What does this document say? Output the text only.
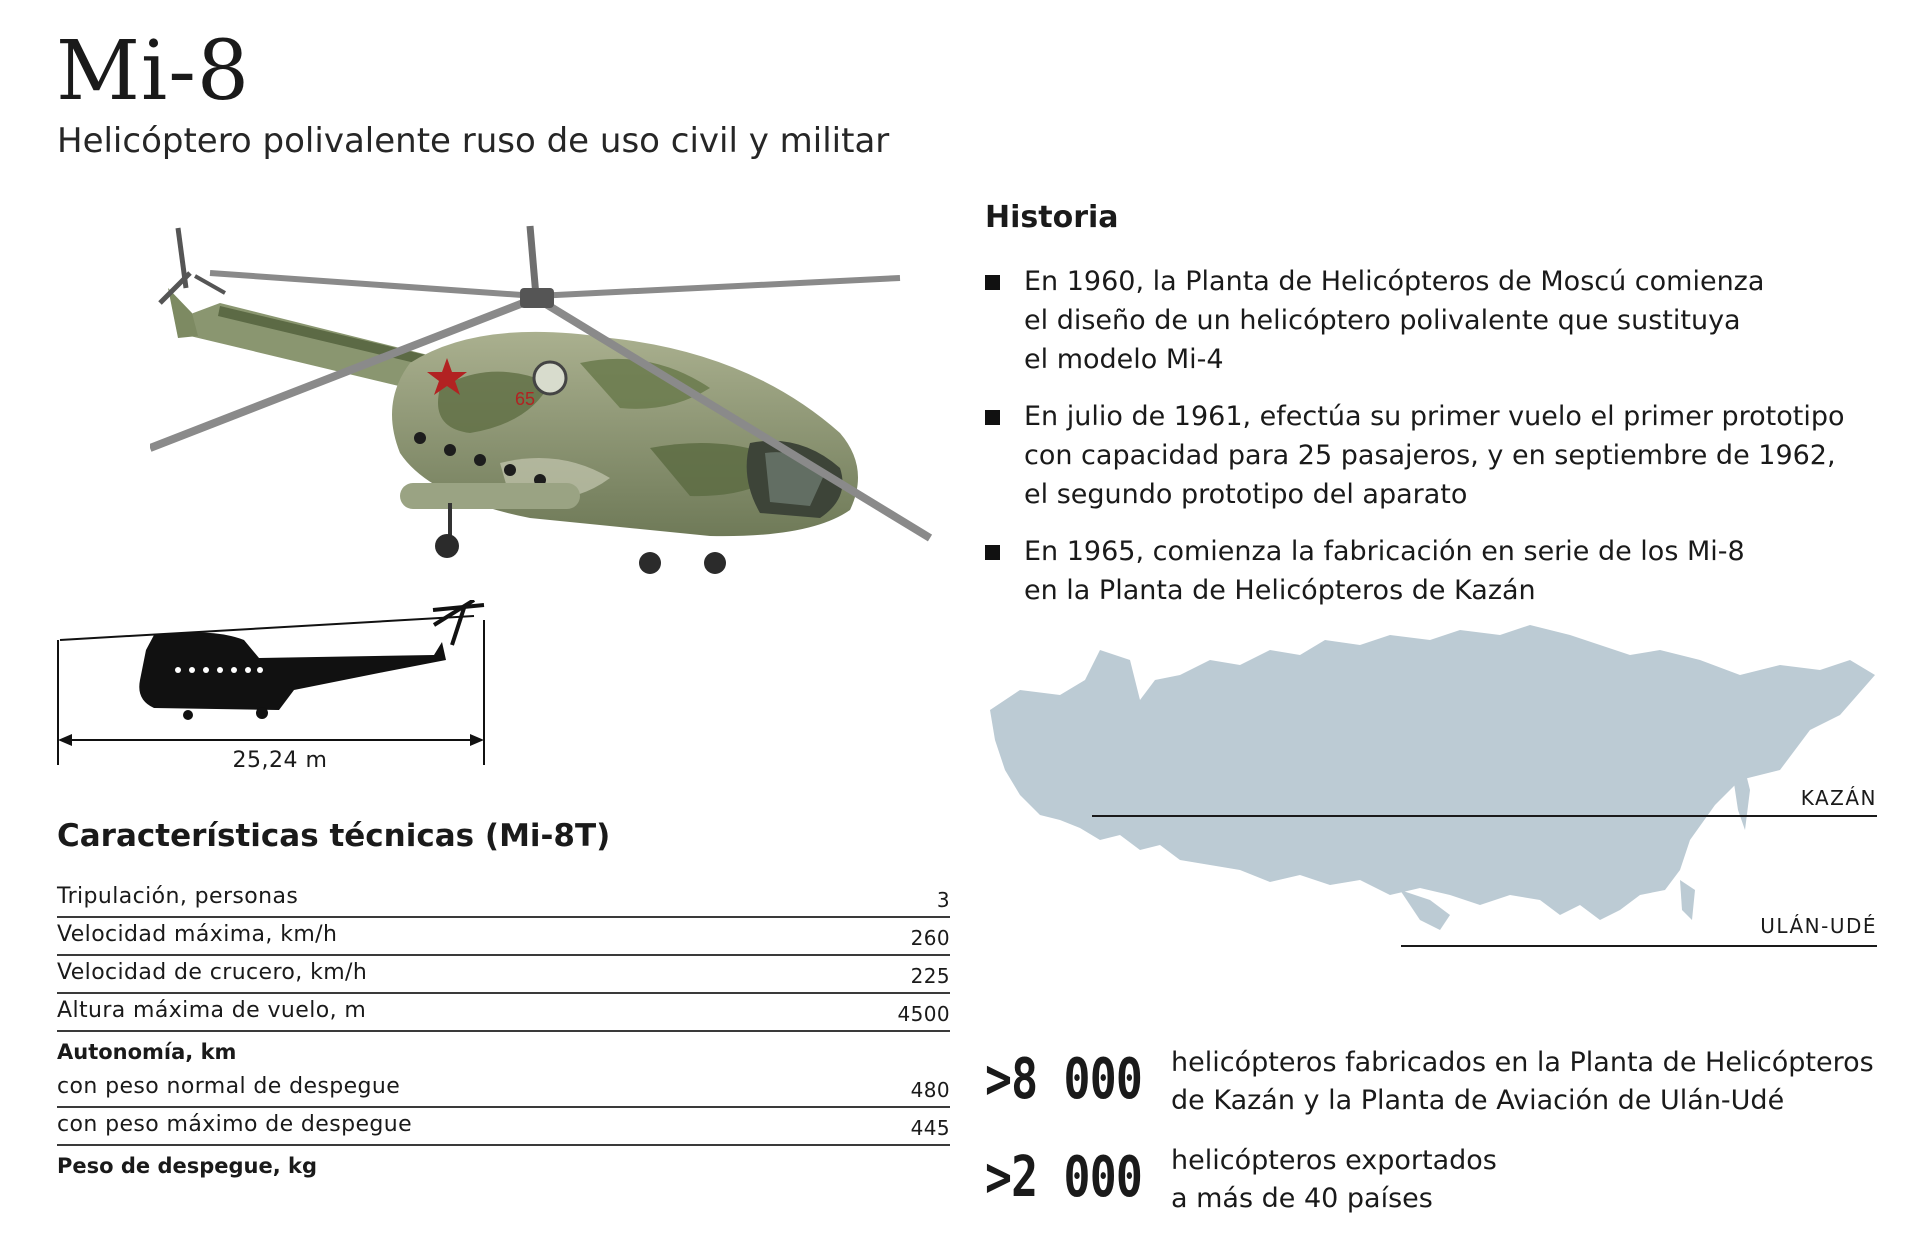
Mi-8
Helicóptero polivalente ruso de uso civil y militar
65
25,24 m
Características técnicas (Mi-8T)
Tripulación, personas	3
Velocidad máxima, km/h	260
Velocidad de crucero, km/h	225
Altura máxima de vuelo, m	4500
Autonomía, km
con peso normal de despegue	480
con peso máximo de despegue	445
Peso de despegue, kg
Historia
En 1960, la Planta de Helicópteros de Moscú comienza
el diseño de un helicóptero polivalente que sustituya
el modelo Mi-4
En julio de 1961, efectúa su primer vuelo el primer prototipo
con capacidad para 25 pasajeros, y en septiembre de 1962,
el segundo prototipo del aparato
En 1965, comienza la fabricación en serie de los Mi-8
en la Planta de Helicópteros de Kazán
KAZÁN
ULÁN-UDÉ
>8 000 helicópteros fabricados en la Planta de Helicópteros
de Kazán y la Planta de Aviación de Ulán-Udé
>2 000 helicópteros exportados
a más de 40 países
